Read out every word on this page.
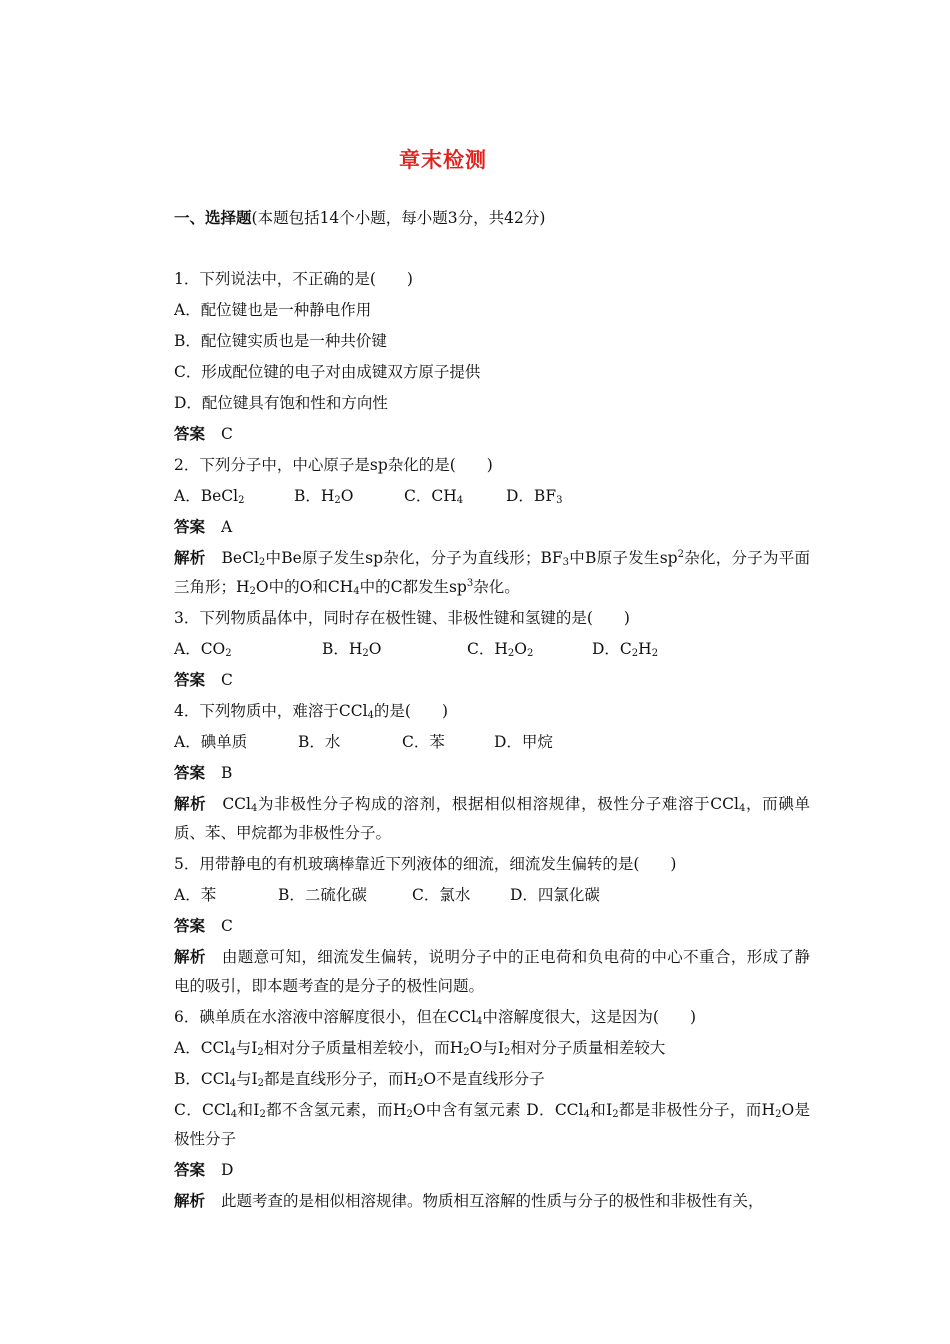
章末检测
一、选择题(本题包括14个小题，每小题3分，共42分)
1．下列说法中，不正确的是(　　)
A．配位键也是一种静电作用
B．配位键实质也是一种共价键
C．形成配位键的电子对由成键双方原子提供
D．配位键具有饱和性和方向性
答案 C
2．下列分子中，中心原子是sp杂化的是(　　)
A．BeCl$_2$	B．$H_2O$	C．$CH_4$	D．$BF_3$
答案 A
解析 BeCl$_2$中Be原子发生sp杂化，分子为直线形；$BF_3$中B原子发生$sp^2$杂化，分子为平面三角形；$H_2O$中的O和$CH_4$中的C都发生$sp^3$杂化。
3．下列物质晶体中，同时存在极性键、非极性键和氢键的是(　　)
A．$CO_2$	B．$H_2O$	C．$H_2O_2$	D．$C_2H_2$
答案 C
4．下列物质中，难溶于CCl$_4$的是(　　)
A．碘单质	B．水	C．苯	D．甲烷
答案 B
解析 CCl$_4$为非极性分子构成的溶剂，根据相似相溶规律，极性分子难溶于CCl$_4$，而碘单质、苯、甲烷都为非极性分子。
5．用带静电的有机玻璃棒靠近下列液体的细流，细流发生偏转的是(　　)
A．苯	B．二硫化碳	C．氯水	D．四氯化碳
答案 C
解析 由题意可知，细流发生偏转，说明分子中的正电荷和负电荷的中心不重合，形成了静电的吸引，即本题考查的是分子的极性问题。
6．碘单质在水溶液中溶解度很小，但在CCl$_4$中溶解度很大，这是因为(　　)
A．CCl$_4$与$I_2$相对分子质量相差较小，而$H_2O$与$I_2$相对分子质量相差较大
B．CCl$_4$与$I_2$都是直线形分子，而$H_2O$不是直线形分子
C．CCl$_4$和$I_2$都不含氢元素，而$H_2O$中含有氢元素 D．CCl$_4$和$I_2$都是非极性分子，而$H_2O$是极性分子
答案 D
解析 此题考查的是相似相溶规律。物质相互溶解的性质与分子的极性和非极性有关，
